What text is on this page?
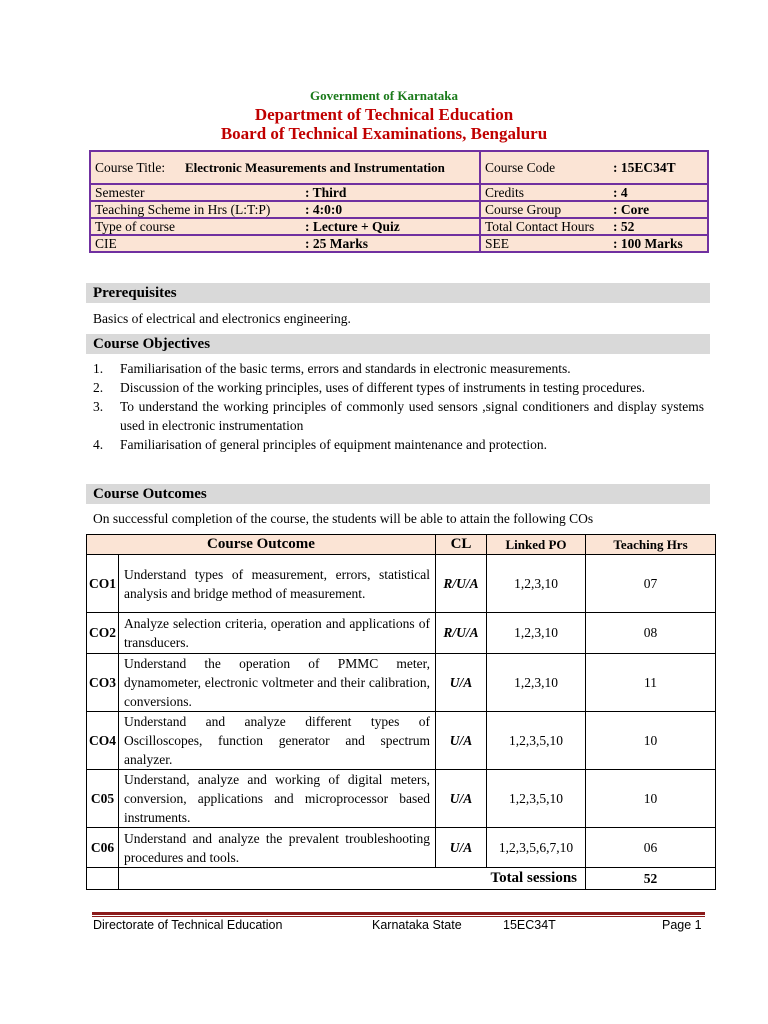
Government of Karnataka
Department of Technical Education
Board of Technical Examinations, Bengaluru
Course Title: Electronic Measurements and Instrumentation	Course Code : 15EC34T

Semester : Third	Credits : 4

Teaching Scheme in Hrs (L:T:P) : 4:0:0	Course Group : Core

Type of course : Lecture + Quiz	Total Contact Hours : 52

CIE : 25 Marks	SEE : 100 Marks
Prerequisites
Basics of electrical and electronics engineering.
Course Objectives
1.	Familiarisation of the basic terms, errors and standards in electronic measurements.
2.	Discussion of the working principles, uses of different types of instruments in testing procedures.
3.	To understand the working principles of commonly used sensors ,signal conditioners and display systems used in electronic instrumentation
4.	Familiarisation of general principles of equipment maintenance and protection.
Course Outcomes
On successful completion of the course, the students will be able to attain the following COs
Course Outcome		CL	Linked PO	Teaching Hrs
CO1	Understand types of measurement, errors, statistical analysis and bridge method of measurement.	R/U/A	1,2,3,10	07
CO2	Analyze selection criteria, operation and applications of transducers.	R/U/A	1,2,3,10	08
CO3	Understand the operation of PMMC meter, dynamometer, electronic voltmeter and their calibration, conversions.	U/A	1,2,3,10	11
CO4	Understand and analyze different types of Oscilloscopes, function generator and spectrum analyzer.	U/A	1,2,3,5,10	10
C05	Understand, analyze and working of digital meters, conversion, applications and microprocessor based instruments.	U/A	1,2,3,5,10	10
C06	Understand and analyze the prevalent troubleshooting procedures and tools.	U/A	1,2,3,5,6,7,10	06
	Total sessions			52
Directorate of Technical Education	Karnataka State	15EC34T	Page 1
